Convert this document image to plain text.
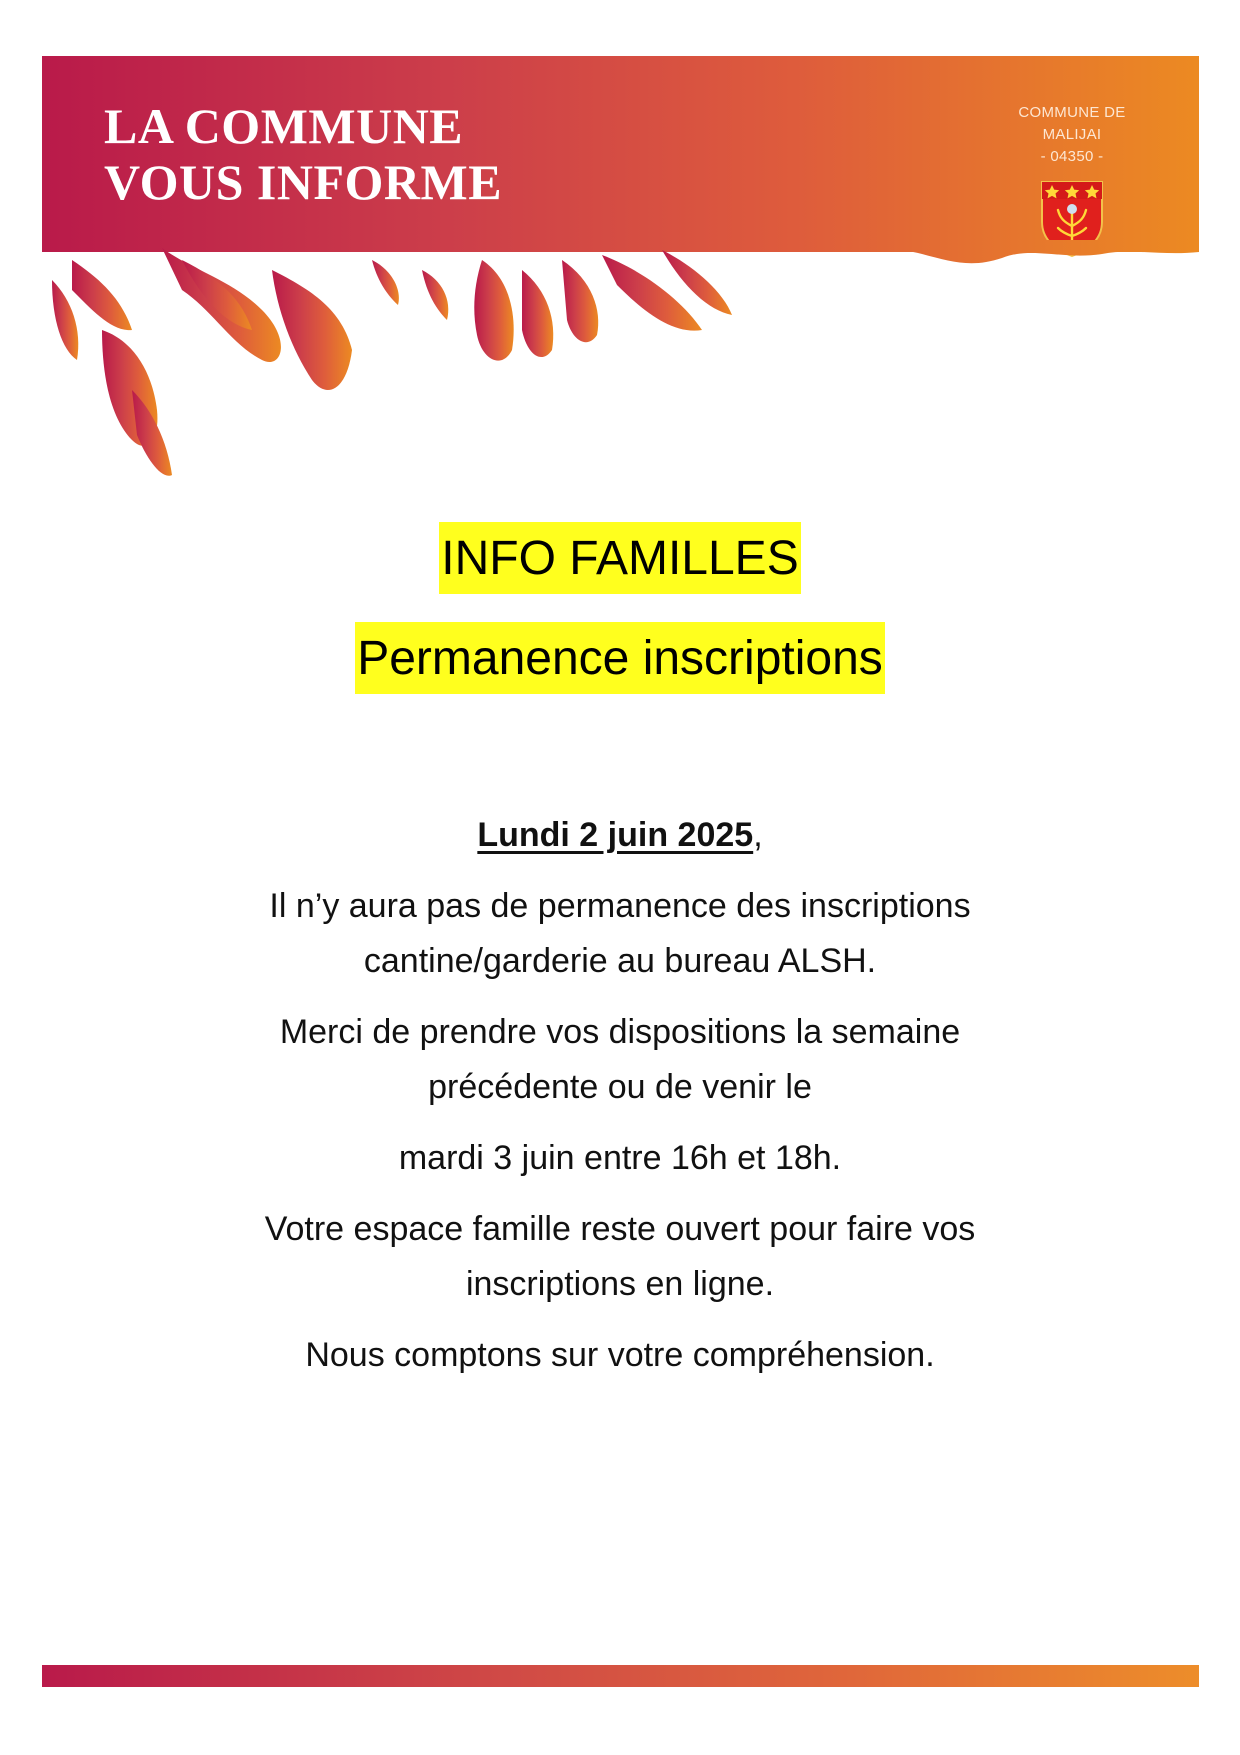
LA COMMUNE
VOUS INFORME
COMMUNE DE MALIJAI
- 04350 -
INFO FAMILLES
Permanence inscriptions

Lundi 2 juin 2025,

Il n’y aura pas de permanence des inscriptions
cantine/garderie au bureau ALSH.

Merci de prendre vos dispositions la semaine
précédente ou de venir le

mardi 3 juin entre 16h et 18h.

Votre espace famille reste ouvert pour faire vos
inscriptions en ligne.

Nous comptons sur votre compréhension.
